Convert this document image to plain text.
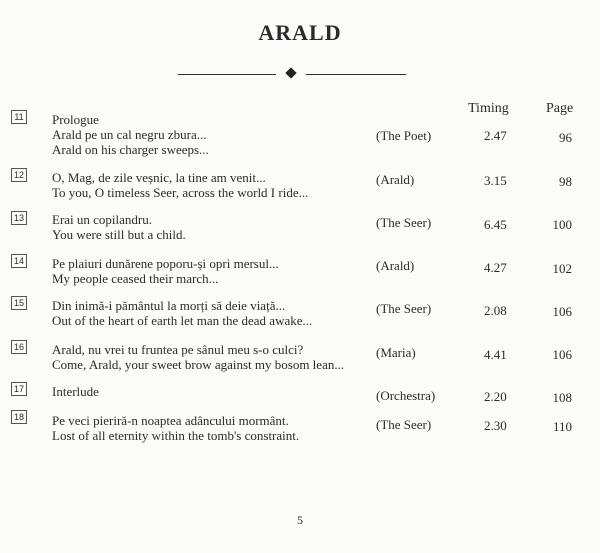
ARALD
Timing	Page
11 Prologue
Arald pe un cal negru zbura...
Arald on his charger sweeps...
(The Poet)	2.47	96
12 O, Mag, de zile veșnic, la tine am venit...
To you, O timeless Seer, across the world I ride...
(Arald)	3.15	98
13 Erai un copilandru.
You were still but a child.
(The Seer)	6.45	100
14 Pe plaiuri dunărene poporu-și opri mersul...
My people ceased their march...
(Arald)	4.27	102
15 Din inimă-i pământul la morți să deie viață...
Out of the heart of earth let man the dead awake...
(The Seer)	2.08	106
16 Arald, nu vrei tu fruntea pe sânul meu s-o culci?
Come, Arald, your sweet brow against my bosom lean...
(Maria)	4.41	106
17 Interlude	(Orchestra)	2.20	108
18 Pe veci pieriră-n noaptea adâncului mormânt.
Lost of all eternity within the tomb's constraint.
(The Seer)	2.30	110
5
